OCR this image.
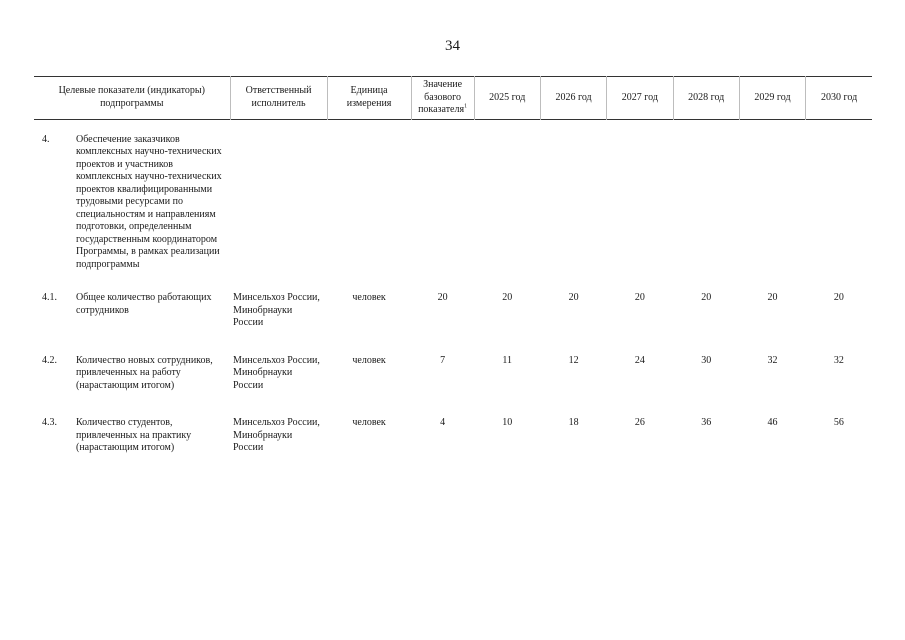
34
Целевые показатели (индикаторы) подпрограммы	Ответственный исполнитель	Единица измерения	Значение базового показателя$^1$	2025 год	2026 год	2027 год	2028 год	2029 год	2030 год

4. Обеспечение заказчиков комплексных научно-технических проектов и участников комплексных научно-технических проектов квалифицированными трудовыми ресурсами по специальностям и направлениям подготовки, определенным государственным координатором Программы, в рамках реализации подпрограммы									

4.1. Общее количество работающих сотрудников	Минсельхоз России, Минобрнауки России	человек	20	20	20	20	20	20	20

4.2. Количество новых сотрудников, привлеченных на работу (нарастающим итогом)	Минсельхоз России, Минобрнауки России	человек	7	11	12	24	30	32	32

4.3. Количество студентов, привлеченных на практику (нарастающим итогом)	Минсельхоз России, Минобрнауки России	человек	4	10	18	26	36	46	56
